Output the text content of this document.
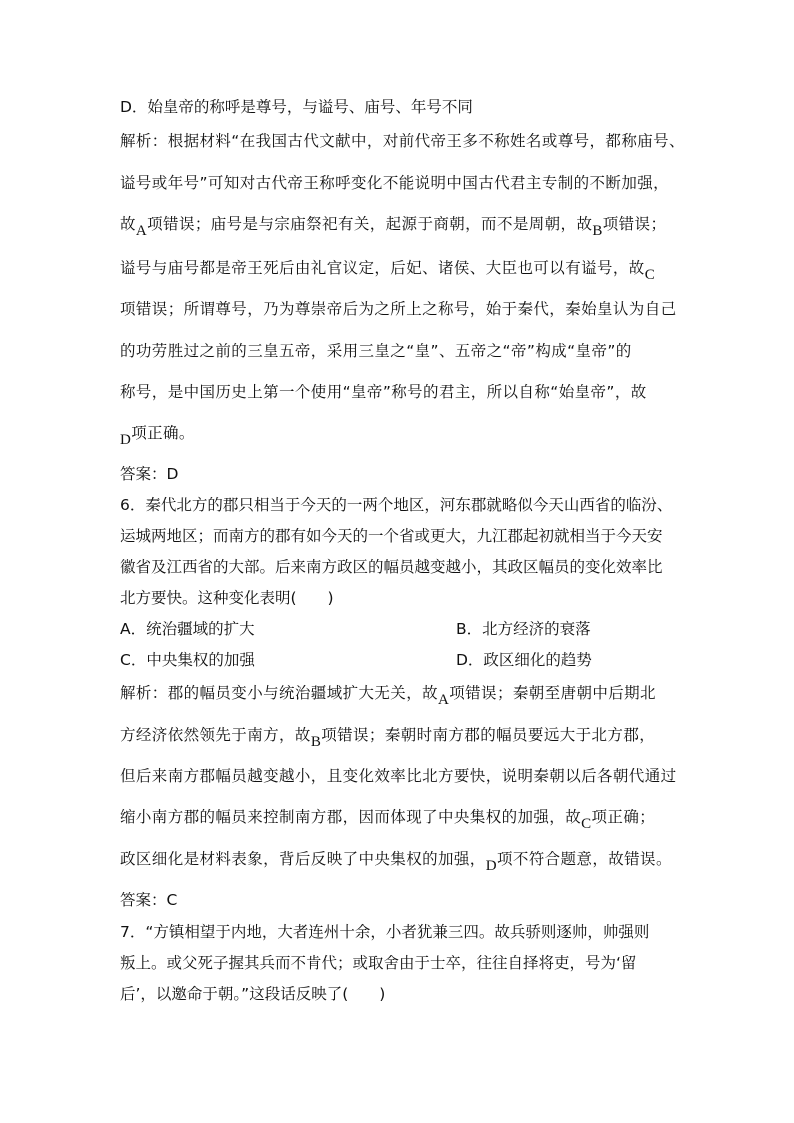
D．始皇帝的称呼是尊号，与谥号、庙号、年号不同
解析：根据材料“在我国古代文献中，对前代帝王多不称姓名或尊号，都称庙号、
谥号或年号”可知对古代帝王称呼变化不能说明中国古代君主专制的不断加强，
故A项错误；庙号是与宗庙祭祀有关，起源于商朝，而不是周朝，故B项错误；
谥号与庙号都是帝王死后由礼官议定，后妃、诸侯、大臣也可以有谥号，故C
项错误；所谓尊号，乃为尊崇帝后为之所上之称号，始于秦代，秦始皇认为自己
的功劳胜过之前的三皇五帝，采用三皇之“皇”、五帝之“帝”构成“皇帝”的
称号，是中国历史上第一个使用“皇帝”称号的君主，所以自称“始皇帝”，故
D项正确。
答案：D
6．秦代北方的郡只相当于今天的一两个地区，河东郡就略似今天山西省的临汾、
运城两地区；而南方的郡有如今天的一个省或更大，九江郡起初就相当于今天安
徽省及江西省的大部。后来南方政区的幅员越变越小，其政区幅员的变化效率比
北方要快。这种变化表明(　　)
A．统治疆域的扩大	B．北方经济的衰落
C．中央集权的加强	D．政区细化的趋势
解析：郡的幅员变小与统治疆域扩大无关，故A项错误；秦朝至唐朝中后期北
方经济依然领先于南方，故B项错误；秦朝时南方郡的幅员要远大于北方郡，
但后来南方郡幅员越变越小，且变化效率比北方要快，说明秦朝以后各朝代通过
缩小南方郡的幅员来控制南方郡，因而体现了中央集权的加强，故C项正确；
政区细化是材料表象，背后反映了中央集权的加强，D项不符合题意，故错误。
答案：C
7．“方镇相望于内地，大者连州十余，小者犹兼三四。故兵骄则逐帅，帅强则
叛上。或父死子握其兵而不肯代；或取舍由于士卒，往往自择将吏，号为‘留
后’，以邀命于朝。”这段话反映了(　　)
